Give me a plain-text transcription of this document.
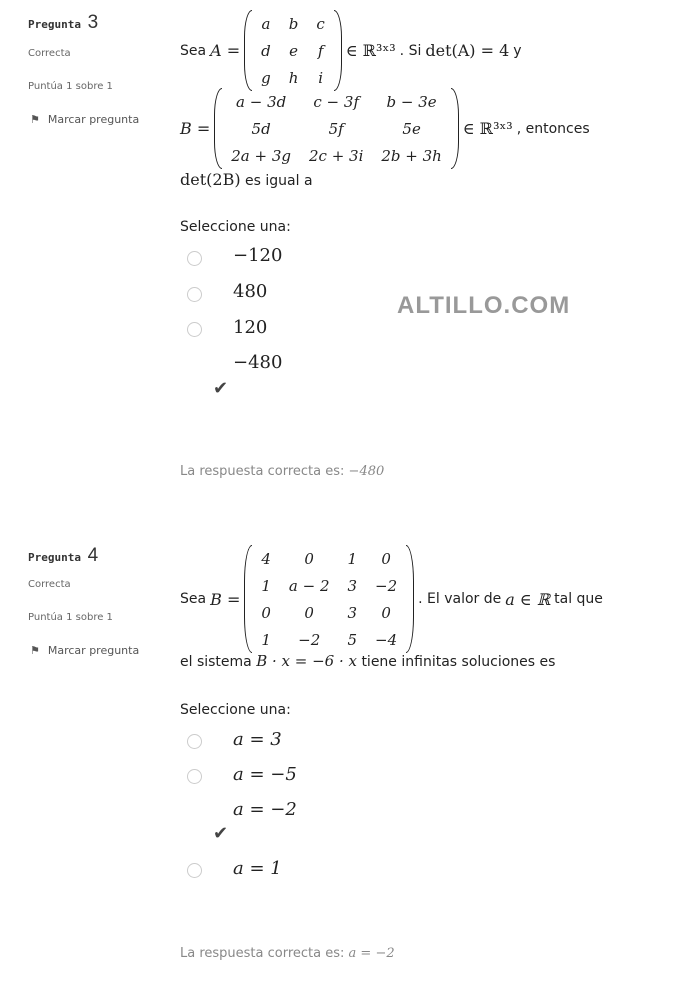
ALTILLO.COM
Pregunta 3
Correcta
Puntúa 1 sobre 1
⚑ Marcar pregunta
Sea A =
a	b	c
d	e	f
g	h	i
∈ ℝ³ˣ³ . Si det(A) = 4 y
B =
a − 3d	c − 3f	b − 3e
5d	5f	5e
2a + 3g	2c + 3i	2b + 3h
∈ ℝ³ˣ³ , entonces
det(2B) es igual a
Seleccione una:
−120
480
120
−480
✔
La respuesta correcta es: −480
Pregunta 4
Correcta
Puntúa 1 sobre 1
⚑ Marcar pregunta
Sea B =
4	0	1	0
1	a − 2	3	−2
0	0	3	0
1	−2	5	−4
. El valor de a ∈ ℝ tal que
el sistema B · x = −6 · x tiene infinitas soluciones es
Seleccione una:
a = 3
a = −5
a = −2
✔
a = 1
La respuesta correcta es: a = −2
